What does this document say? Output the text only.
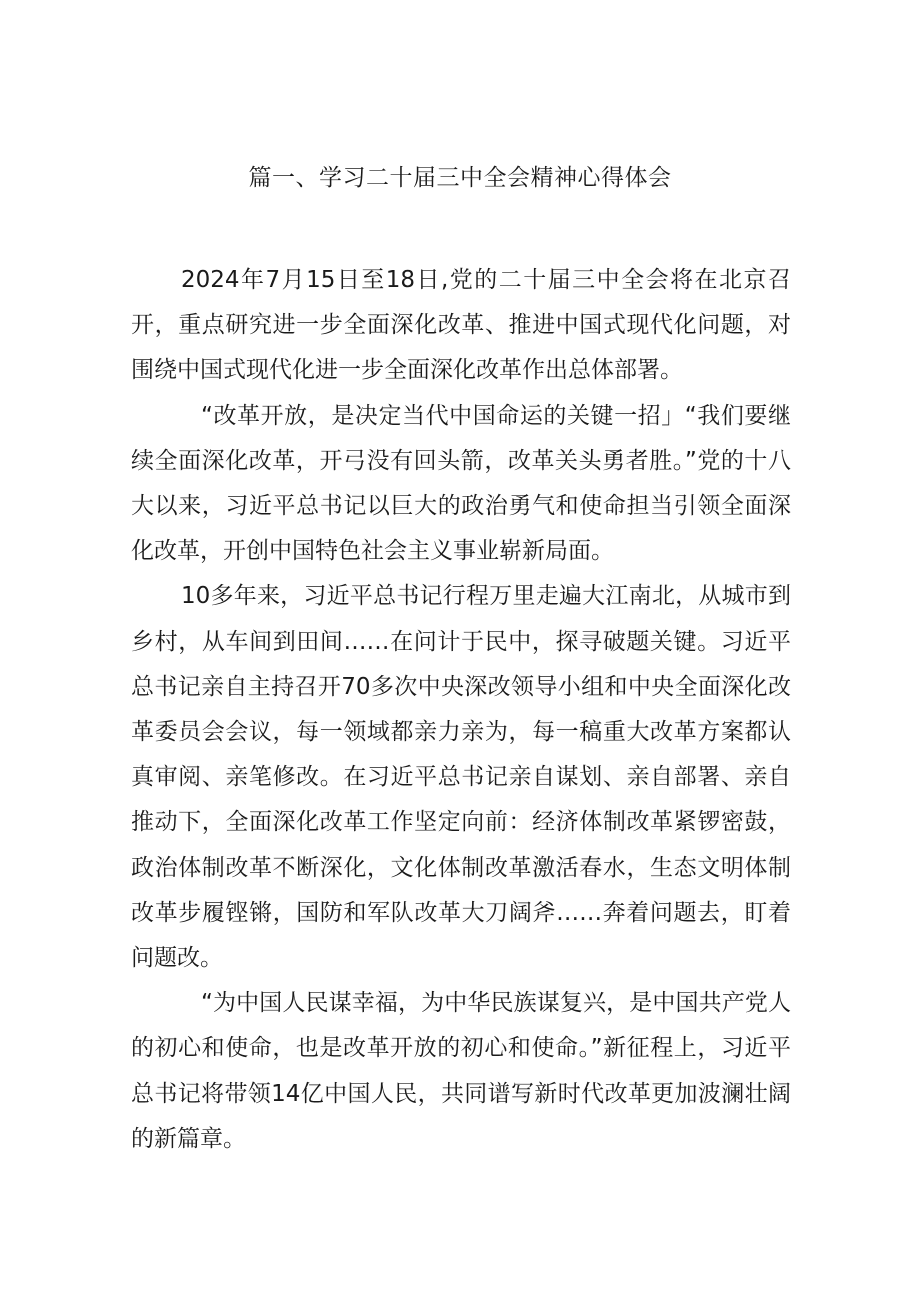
篇一、学习二十届三中全会精神心得体会

2024年7月15日至18日,党的二十届三中全会将在北京召开，重点研究进一步全面深化改革、推进中国式现代化问题，对围绕中国式现代化进一步全面深化改革作出总体部署。

“改革开放，是决定当代中国命运的关键一招」“我们要继续全面深化改革，开弓没有回头箭，改革关头勇者胜。”党的十八大以来，习近平总书记以巨大的政治勇气和使命担当引领全面深化改革，开创中国特色社会主义事业崭新局面。

10多年来，习近平总书记行程万里走遍大江南北，从城市到乡村，从车间到田间……在问计于民中，探寻破题关键。习近平总书记亲自主持召开70多次中央深改领导小组和中央全面深化改革委员会会议，每一领域都亲力亲为，每一稿重大改革方案都认真审阅、亲笔修改。在习近平总书记亲自谋划、亲自部署、亲自推动下，全面深化改革工作坚定向前：经济体制改革紧锣密鼓，政治体制改革不断深化，文化体制改革激活春水，生态文明体制改革步履铿锵，国防和军队改革大刀阔斧……奔着问题去，盯着问题改。

“为中国人民谋幸福，为中华民族谋复兴，是中国共产党人的初心和使命，也是改革开放的初心和使命。”新征程上，习近平总书记将带领14亿中国人民，共同谱写新时代改革更加波澜壮阔的新篇章。
